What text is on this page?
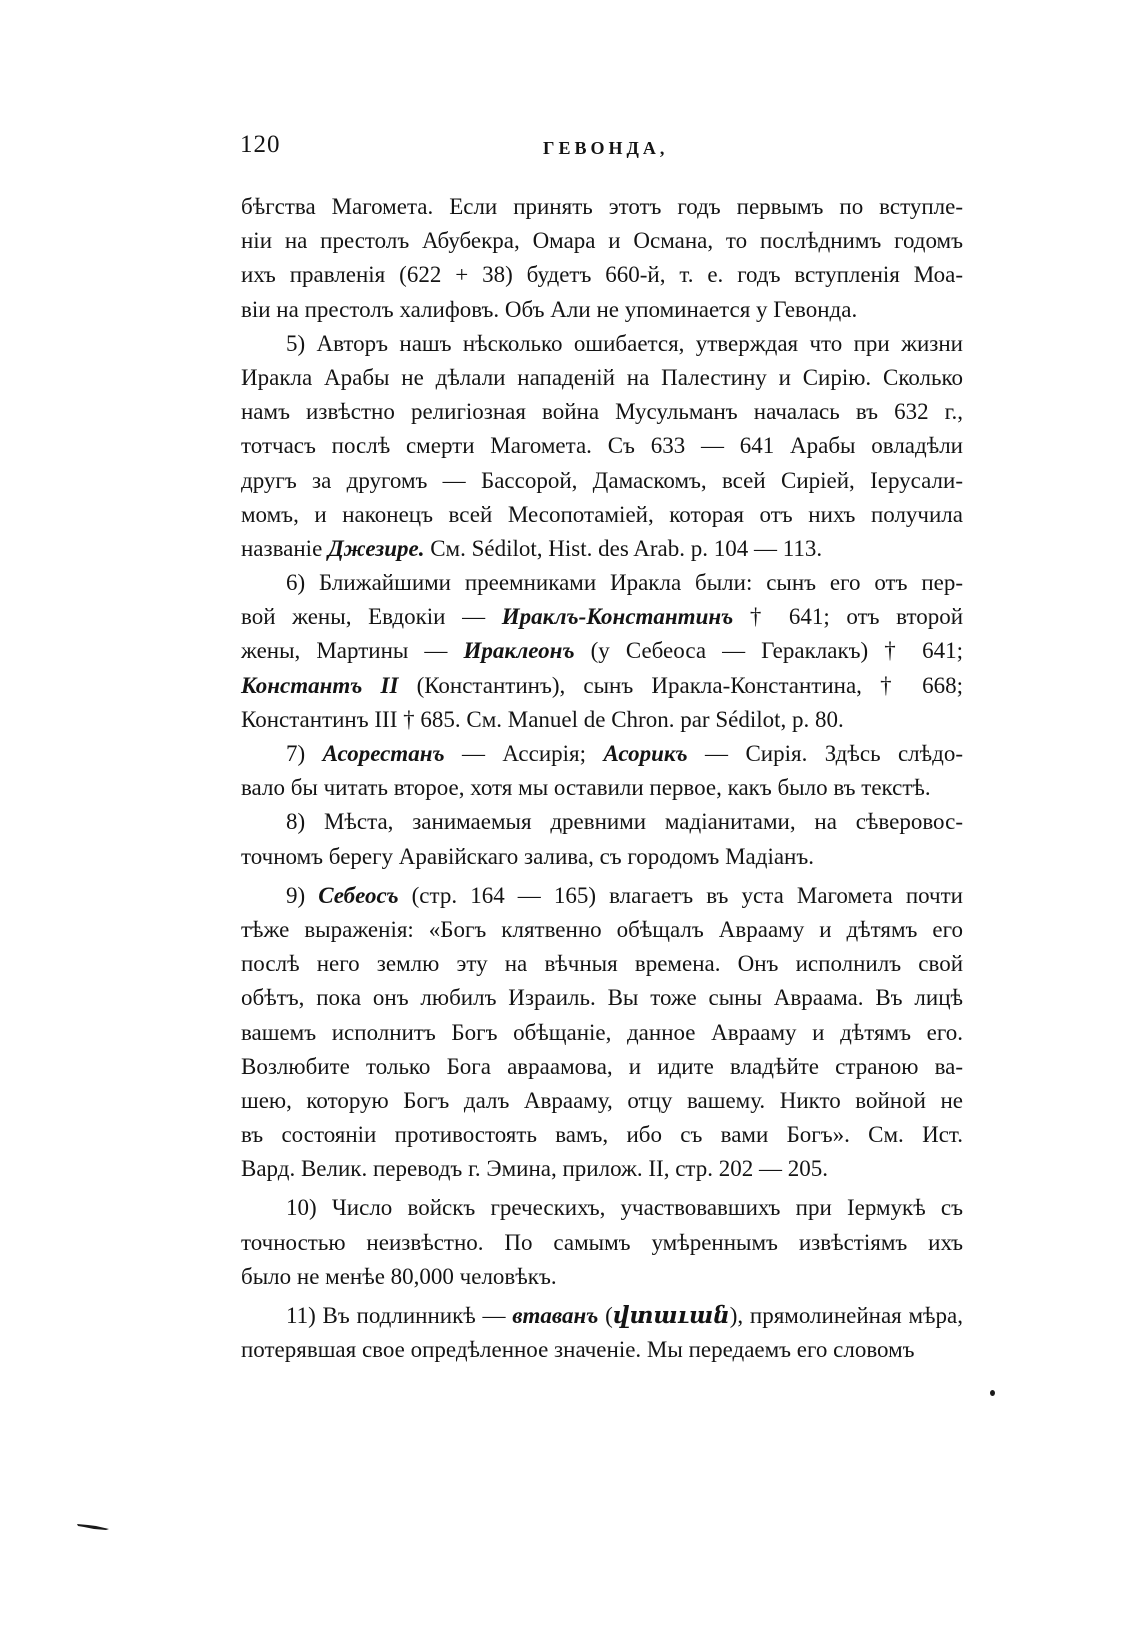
120	ГЕВОНДА,
бѣгства Магомета. Если принять этотъ годъ первымъ по вступле-
ніи на престолъ Абубекра, Омара и Османа, то послѣднимъ годомъ
ихъ правленія (622 + 38) будетъ 660-й, т. е. годъ вступленія Моа-
віи на престолъ халифовъ. Объ Али не упоминается у Гевонда.
5) Авторъ нашъ нѣсколько ошибается, утверждая что при жизни
Иракла Арабы не дѣлали нападеній на Палестину и Сирію. Сколько
намъ извѣстно религіозная война Мусульманъ началась въ 632 г.,
тотчасъ послѣ смерти Магомета. Съ 633 — 641 Арабы овладѣли
другъ за другомъ — Бассорой, Дамаскомъ, всей Сиріей, Іерусали-
момъ, и наконецъ всей Месопотаміей, которая отъ нихъ получила
названіе Джезире. См. Sédilot, Hist. des Arab. p. 104 — 113.
6) Ближайшими преемниками Иракла были: сынъ его отъ пер-
вой жены, Евдокіи — Ираклъ-Константинъ † 641; отъ второй
жены, Мартины — Ираклеонъ (у Себеоса — Гераклакъ) † 641;
Константъ II (Константинъ), сынъ Иракла-Константина, † 668;
Константинъ III † 685. См. Manuel de Chron. par Sédilot, p. 80.
7) Асорестанъ — Ассирія; Асорикъ — Сирія. Здѣсь слѣдо-
вало бы читать второе, хотя мы оставили первое, какъ было въ текстѣ.
8) Мѣста, занимаемыя древними мадіанитами, на сѣверовос-
точномъ берегу Аравійскаго залива, съ городомъ Мадіанъ.
9) Себеосъ (стр. 164 — 165) влагаетъ въ уста Магомета почти
тѣже выраженія: «Богъ клятвенно обѣщалъ Аврааму и дѣтямъ его
послѣ него землю эту на вѣчныя времена. Онъ исполнилъ свой
обѣтъ, пока онъ любилъ Израиль. Вы тоже сыны Авраама. Въ лицѣ
вашемъ исполнитъ Богъ обѣщаніе, данное Аврааму и дѣтямъ его.
Возлюбите только Бога авраамова, и идите владѣйте страною ва-
шею, которую Богъ далъ Аврааму, отцу вашему. Никто войной не
въ состояніи противостоять вамъ, ибо съ вами Богъ». См. Ист.
Вард. Велик. переводъ г. Эмина, прилож. II, стр. 202 — 205.
10) Число войскъ греческихъ, участвовавшихъ при Іермукѣ съ
точностью неизвѣстно. По самымъ умѣреннымъ извѣстіямъ ихъ
было не менѣе 80,000 человѣкъ.
11) Въ подлинникѣ — втаванъ (վտաւան), прямолинейная мѣра,
потерявшая свое опредѣленное значеніе. Мы передаемъ его словомъ
